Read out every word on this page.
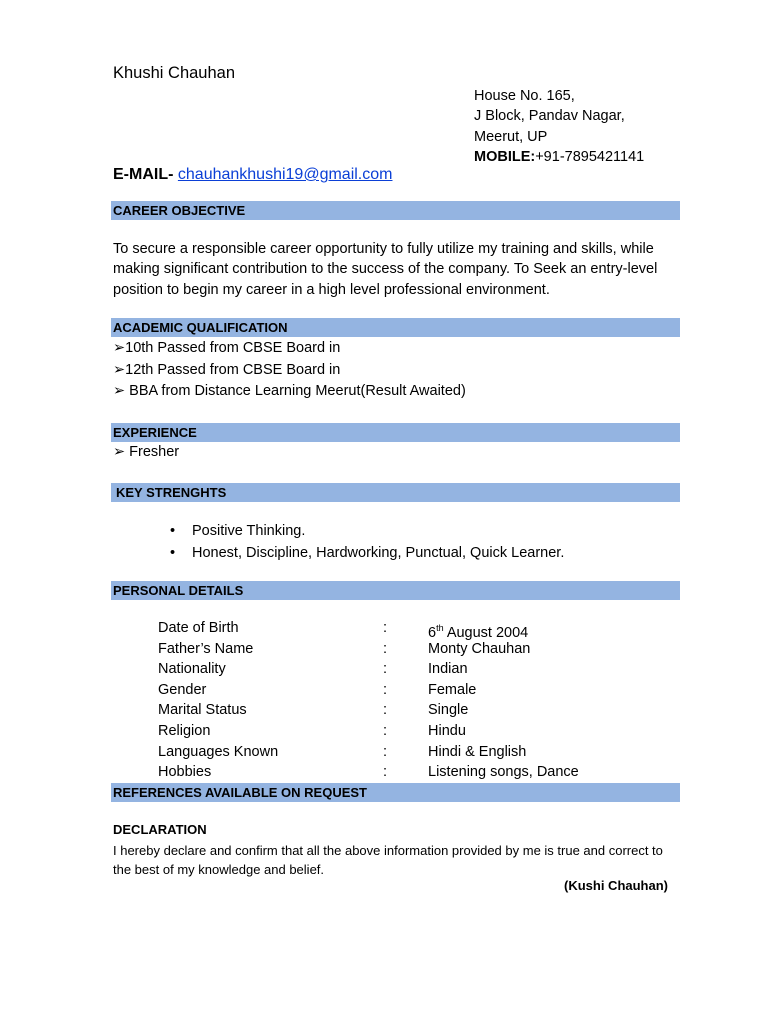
Khushi Chauhan
House No. 165,
J Block, Pandav Nagar,
Meerut, UP
MOBILE:+91-7895421141
E-MAIL- chauhankhushi19@gmail.com
CAREER OBJECTIVE
To secure a responsible career opportunity to fully utilize my training and skills, while making significant contribution to the success of the company. To Seek an entry-level position to begin my career in a high level professional environment.
ACADEMIC QUALIFICATION
➢10th Passed from CBSE Board in
➢12th Passed from CBSE Board in
➢ BBA from Distance Learning Meerut(Result Awaited)
EXPERIENCE
➢ Fresher
KEY STRENGHTS
• Positive Thinking.
• Honest, Discipline, Hardworking, Punctual, Quick Learner.
PERSONAL DETAILS
Date of Birth	:	6th August 2004
Father’s Name	:	Monty Chauhan
Nationality	:	Indian
Gender	:	Female
Marital Status	:	Single
Religion	:	Hindu
Languages Known	:	Hindi & English
Hobbies	:	Listening songs, Dance
REFERENCES AVAILABLE ON REQUEST
DECLARATION
I hereby declare and confirm that all the above information provided by me is true and correct to the best of my knowledge and belief.
(Kushi Chauhan)
